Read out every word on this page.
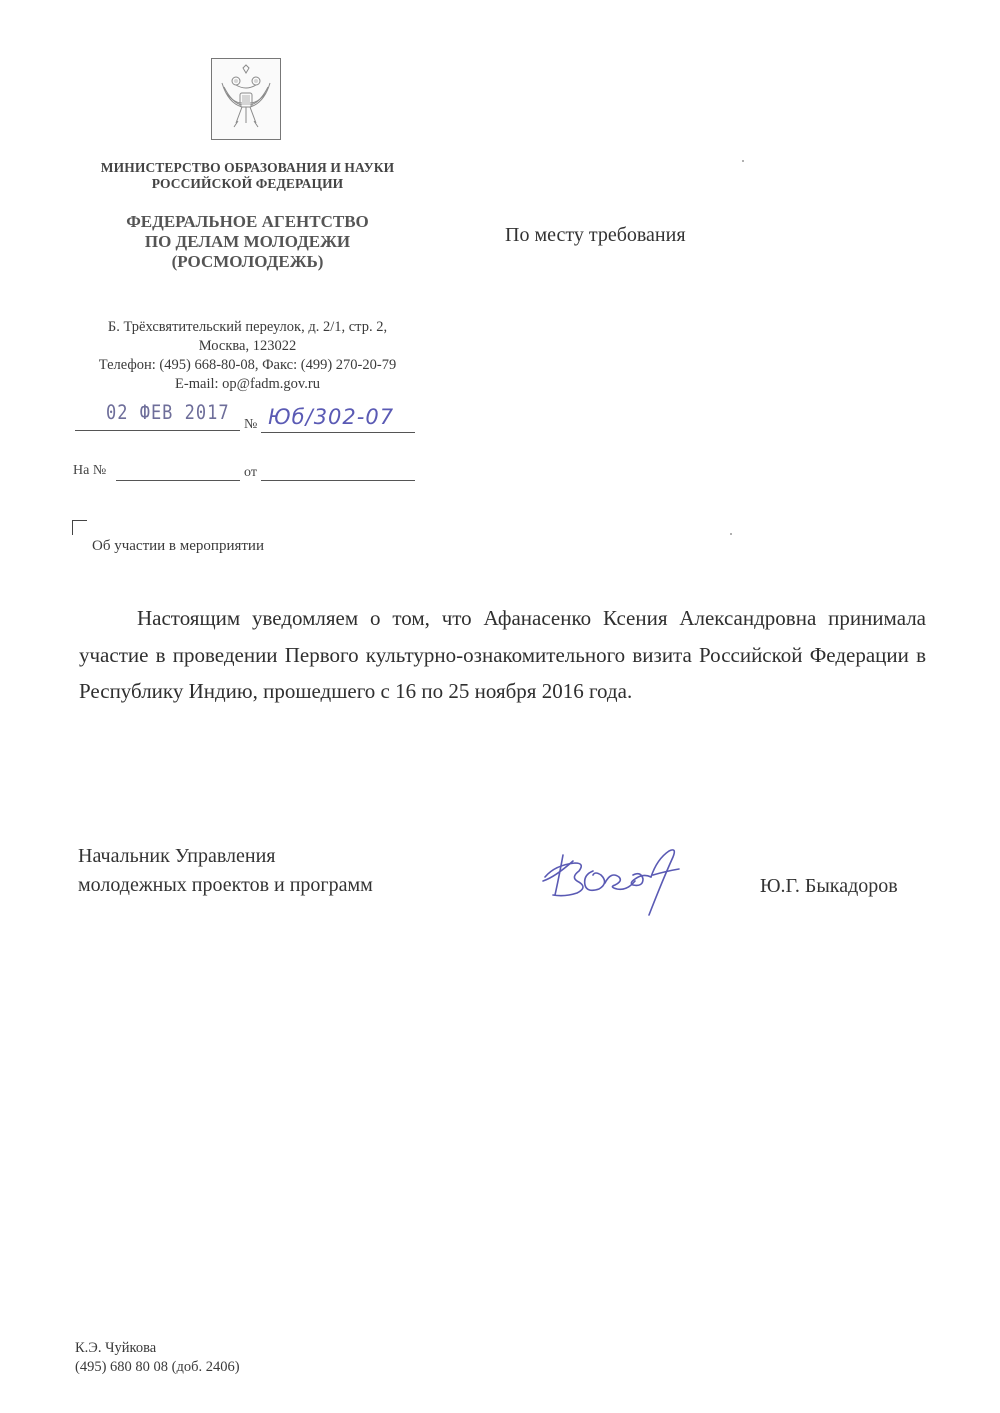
МИНИСТЕРСТВО ОБРАЗОВАНИЯ И НАУКИ
РОССИЙСКОЙ ФЕДЕРАЦИИ
ФЕДЕРАЛЬНОЕ АГЕНТСТВО
ПО ДЕЛАМ МОЛОДЕЖИ
(РОСМОЛОДЕЖЬ)
Б. Трёхсвятительский переулок, д. 2/1, стр. 2,
Москва, 123022
Телефон: (495) 668-80-08, Факс: (499) 270-20-79
E-mail: op@fadm.gov.ru
02 ФЕВ 2017 № Юб/302-07
На №	от
Об участии в мероприятии
По месту требования
Настоящим уведомляем о том, что Афанасенко Ксения Александровна принимала участие в проведении Первого культурно-ознакомительного визита Российской Федерации в Республику Индию, прошедшего с 16 по 25 ноября 2016 года.
Начальник Управления
молодежных проектов и программ	Ю.Г. Быкадоров
К.Э. Чуйкова
(495) 680 80 08 (доб. 2406)
